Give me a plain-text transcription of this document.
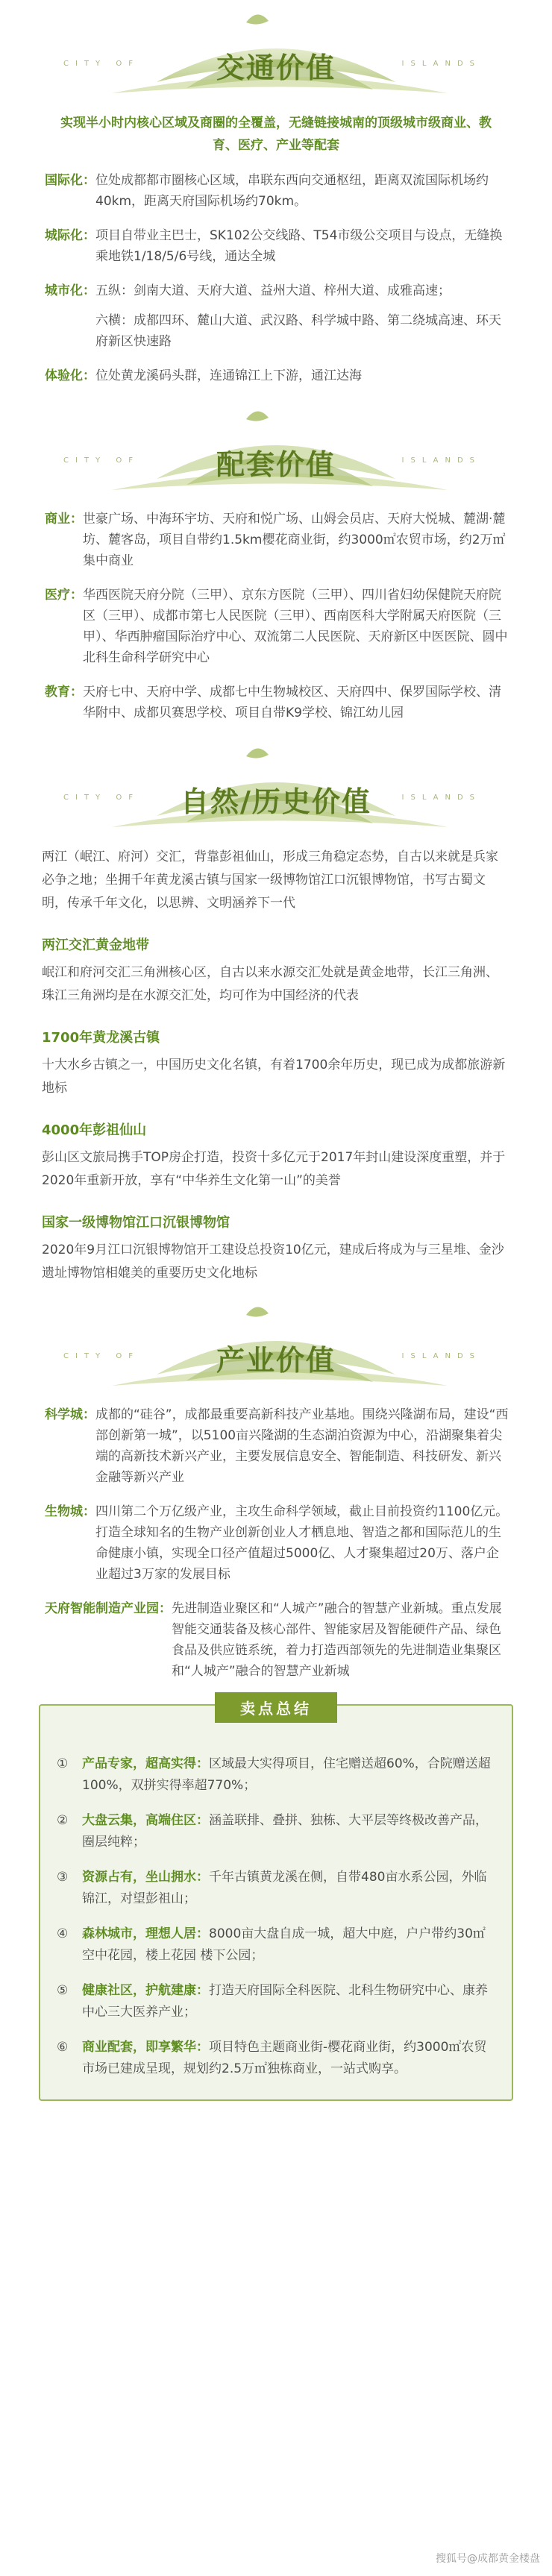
CITY OF	ISLANDS
交通价值
实现半小时内核心区域及商圈的全覆盖，无缝链接城南的顶级城市级商业、教育、医疗、产业等配套
国际化： 位处成都都市圈核心区域，串联东西向交通枢纽，距离双流国际机场约40km，距离天府国际机场约70km。

城际化： 项目自带业主巴士，SK102公交线路、T54市级公交项目与设点，无缝换乘地铁1/18/5/6号线，通达全城

城市化： 五纵：剑南大道、天府大道、益州大道、梓州大道、成雅高速；

六横：成都四环、麓山大道、武汉路、科学城中路、第二绕城高速、环天府新区快速路

体验化： 位处黄龙溪码头群，连通锦江上下游，通江达海

CITY OF	ISLANDS
配套价值
商业： 世豪广场、中海环宇坊、天府和悦广场、山姆会员店、天府大悦城、麓湖·麓坊、麓客岛，项目自带约1.5km樱花商业街，约3000㎡农贸市场，约2万㎡集中商业

医疗： 华西医院天府分院（三甲）、京东方医院（三甲）、四川省妇幼保健院天府院区（三甲）、成都市第七人民医院（三甲）、西南医科大学附属天府医院（三甲）、华西肿瘤国际治疗中心、双流第二人民医院、天府新区中医医院、圆中北科生命科学研究中心

教育： 天府七中、天府中学、成都七中生物城校区、天府四中、保罗国际学校、清华附中、成都贝赛思学校、项目自带K9学校、锦江幼儿园

CITY OF	ISLANDS
自然/历史价值
两江（岷江、府河）交汇，背靠彭祖仙山，形成三角稳定态势，自古以来就是兵家必争之地；坐拥千年黄龙溪古镇与国家一级博物馆江口沉银博物馆，书写古蜀文明，传承千年文化，以思辨、文明涵养下一代
两江交汇黄金地带
岷江和府河交汇三角洲核心区，自古以来水源交汇处就是黄金地带，长江三角洲、珠江三角洲均是在水源交汇处，均可作为中国经济的代表
1700年黄龙溪古镇
十大水乡古镇之一，中国历史文化名镇，有着1700余年历史，现已成为成都旅游新地标
4000年彭祖仙山
彭山区文旅局携手TOP房企打造，投资十多亿元于2017年封山建设深度重塑，并于2020年重新开放，享有“中华养生文化第一山”的美誉
国家一级博物馆江口沉银博物馆
2020年9月江口沉银博物馆开工建设总投资10亿元，建成后将成为与三星堆、金沙遗址博物馆相媲美的重要历史文化地标
CITY OF	ISLANDS
产业价值
科学城： 成都的“硅谷”，成都最重要高新科技产业基地。围绕兴隆湖布局，建设“西部创新第一城”，以5100亩兴隆湖的生态湖泊资源为中心，沿湖聚集着尖端的高新技术新兴产业，主要发展信息安全、智能制造、科技研发、新兴金融等新兴产业

生物城： 四川第二个万亿级产业，主攻生命科学领域，截止目前投资约1100亿元。打造全球知名的生物产业创新创业人才栖息地、智造之都和国际范儿的生命健康小镇，实现全口径产值超过5000亿、人才聚集超过20万、落户企业超过3万家的发展目标

天府智能制造产业园： 先进制造业聚区和“人城产”融合的智慧产业新城。重点发展智能交通装备及核心部件、智能家居及智能硬件产品、绿色食品及供应链系统，着力打造西部领先的先进制造业集聚区和“人城产”融合的智慧产业新城

卖点总结
①	产品专家，超高实得：区域最大实得项目，住宅赠送超60%，合院赠送超100%，双拼实得率超770%；
②	大盘云集，高端住区：涵盖联排、叠拼、独栋、大平层等终极改善产品，圈层纯粹；
③	资源占有，坐山拥水：千年古镇黄龙溪在侧，自带480亩水系公园，外临锦江，对望彭祖山；
④	森林城市，理想人居：8000亩大盘自成一城，超大中庭，户户带约30㎡空中花园，楼上花园 楼下公园；
⑤	健康社区，护航建康：打造天府国际全科医院、北科生物研究中心、康养中心三大医养产业；
⑥	商业配套，即享繁华：项目特色主题商业街-樱花商业街，约3000㎡农贸市场已建成呈现，规划约2.5万㎡独栋商业，一站式购享。
搜狐号@成都黄金楼盘
